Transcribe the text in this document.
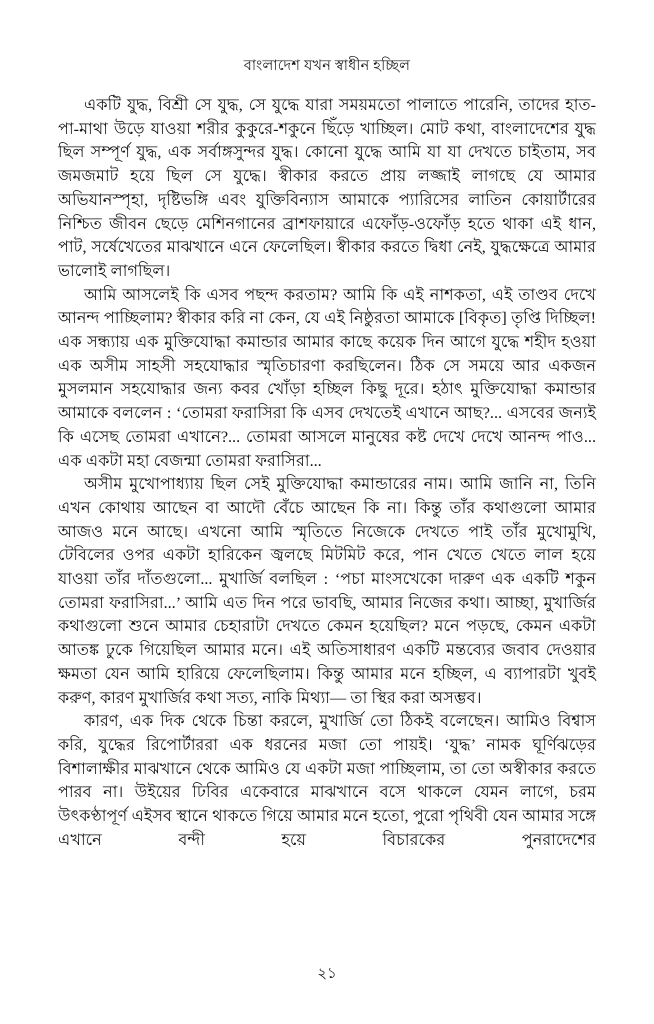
বাংলাদেশ যখন স্বাধীন হচ্ছিল

একটি যুদ্ধ, বিশ্রী সে যুদ্ধ, সে যুদ্ধে যারা সময়মতো পালাতে পারেনি, তাদের হাত-পা-মাথা উড়ে যাওয়া শরীর কুকুরে-শকুনে ছিঁড়ে খাচ্ছিল। মোট কথা, বাংলাদেশের যুদ্ধ ছিল সম্পূর্ণ যুদ্ধ, এক সর্বাঙ্গসুন্দর যুদ্ধ। কোনো যুদ্ধে আমি যা যা দেখতে চাইতাম, সব জমজমাট হয়ে ছিল সে যুদ্ধে। স্বীকার করতে প্রায় লজ্জাই লাগছে যে আমার অভিযান‌স্পৃহা, দৃষ্টিভঙ্গি এবং যুক্তিবিন্যাস আমাকে প্যারিসের লাতিন কোয়ার্টারের নিশ্চিত জীবন ছেড়ে মেশিনগানের ব্রাশফায়ারে এফোঁড়-ওফোঁড় হতে থাকা এই ধান, পাট, সর্ষেখেতের মাঝখানে এনে ফেলেছিল। স্বীকার করতে দ্বিধা নেই, যুদ্ধক্ষেত্রে আমার ভালোই লাগছিল।

আমি আসলেই কি এসব পছন্দ করতাম? আমি কি এই নাশকতা, এই তাণ্ডব দেখে আনন্দ পাচ্ছিলাম? স্বীকার করি না কেন, যে এই নিষ্ঠুরতা আমাকে [বিকৃত] তৃপ্তি দিচ্ছিল! এক সন্ধ্যায় এক মুক্তিযোদ্ধা কমান্ডার আমার কাছে কয়েক দিন আগে যুদ্ধে শহীদ হওয়া এক অসীম সাহসী সহযোদ্ধার স্মৃতিচারণা করছিলেন। ঠিক সে সময়ে আর একজন মুসলমান সহযোদ্ধার জন্য কবর খোঁড়া হচ্ছিল কিছু দূরে। হঠাৎ মুক্তিযোদ্ধা কমান্ডার আমাকে বললেন : ‘তোমরা ফরাসিরা কি এসব দেখতেই এখানে আছ?... এসবের জন্যই কি এসেছ তোমরা এখানে?... তোমরা আসলে মানুষের কষ্ট দেখে দেখে আনন্দ পাও... এক একটা মহা বেজন্মা তোমরা ফরাসিরা...

অসীম মুখোপাধ্যায় ছিল সেই মুক্তিযোদ্ধা কমান্ডারের নাম। আমি জানি না, তিনি এখন কোথায় আছেন বা আদৌ বেঁচে আছেন কি না। কিন্তু তাঁর কথাগুলো আমার আজও মনে আছে। এখনো আমি স্মৃতিতে নিজেকে দেখতে পাই তাঁর মুখোমুখি, টেবিলের ওপর একটা হারিকেন জ্বলছে মিটমিট করে, পান খেতে খেতে লাল হয়ে যাওয়া তাঁর দাঁতগুলো... মুখার্জি বলছিল : ‘পচা মাংসখেকো দারুণ এক একটি শকুন তোমরা ফরাসিরা...’ আমি এত দিন পরে ভাবছি, আমার নিজের কথা। আচ্ছা, মুখার্জির কথাগুলো শুনে আমার চেহারাটা দেখতে কেমন হয়েছিল? মনে পড়ছে, কেমন একটা আতঙ্ক ঢুকে গিয়েছিল আমার মনে। এই অতিসাধারণ একটি মন্তব্যের জবাব দেওয়ার ক্ষমতা যেন আমি হারিয়ে ফেলেছিলাম। কিন্তু আমার মনে হচ্ছিল, এ ব্যাপারটা খুবই করুণ, কারণ মুখার্জির কথা সত্য, নাকি মিথ্যা— তা স্থির করা অসম্ভব।

কারণ, এক দিক থেকে চিন্তা করলে, মুখার্জি তো ঠিকই বলেছেন। আমিও বিশ্বাস করি, যুদ্ধের রিপোর্টাররা এক ধরনের মজা তো পায়ই। ‘যুদ্ধ’ নামক ঘূর্ণিঝড়ের বিশালাক্ষীর মাঝখানে থেকে আমিও যে একটা মজা পাচ্ছিলাম, তা তো অস্বীকার করতে পারব না। উইয়ের ঢিবির একেবারে মাঝখানে বসে থাকলে যেমন লাগে, চরম উৎকণ্ঠাপূর্ণ এইসব স্থানে থাকতে গিয়ে আমার মনে হতো, পুরো পৃথিবী যেন আমার সঙ্গে এখানে বন্দী হয়ে বিচারকের পুনরাদেশের

২১
